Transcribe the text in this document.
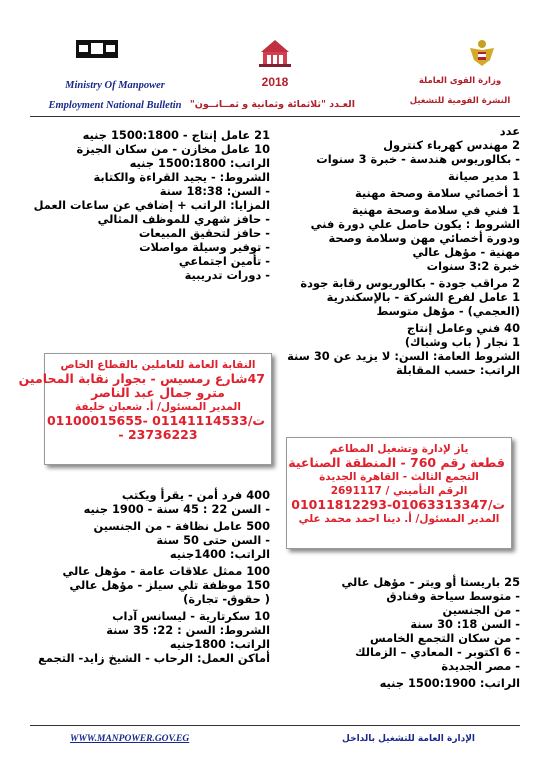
Ministry Of Manpower
Employment National Bulletin
2018
العـدد "ثلاثمائة وثمانية و ثمــانــون"
وزارة القوى العاملة
النشرة القومية للتشغيل
عدد
2 مهندس كهرباء كنترول
- بكالوريوس هندسة - خبرة 3 سنوات
1 مدير صيانة
1 أخصائي سلامة وصحة مهنية
1 فني في سلامة وصحة مهنية
الشروط : يكون حاصل علي دورة فني
ودورة أخصائي مهن وسلامة وصحة
مهنية - مؤهل عالي
خبرة 3:2 سنوات
2 مراقب جودة - بكالوريوس رقابة جودة
1 عامل لفرع الشركة - بالإسكندرية
(العجمي) - مؤهل متوسط
40 فني وعامل إنتاج
1 نجار ( باب وشباك)
الشروط العامة: السن: لا يزيد عن 30 سنة
الراتب: حسب المقابلة
21 عامل إنتاج - 1500:1800 جنيه
10 عامل مخازن - من سكان الجيزة
الراتب: 1500:1800 جنيه
الشروط: - يجيد القراءة والكتابة
- السن: 18:38 سنة
المزايا: الراتب + إضافي عن ساعات العمل
- حافز شهري للموظف المثالي
- حافز لتحقيق المبيعات
- توفير وسيلة مواصلات
- تأمين اجتماعي
- دورات تدريبية
النقابة العامة للعاملين بالقطاع الخاص
47شارع رمسيس - بجوار نقابة المحامين
مترو جمال عبد الناصر
المدير المسئول/ أ. شعبان خليفة
ت/01141114533 -01100015655
23736223 -
ياز لإدارة وتشغيل المطاعم
قطعة رقم 760 - المنطقة الصناعية
التجمع الثالث - القاهرة الجديدة
الرقم التأميني / 2691117
ت/01063313347-01011812293
المدير المسئول/ أ. دينا احمد محمد علي
400 فرد أمن - يقرأ ويكتب
- السن 22 : 45 سنة - 1900 جنيه
500 عامل نظافة - من الجنسين
- السن حتى 50 سنة
الراتب: 1400جنيه
100 ممثل علاقات عامة - مؤهل عالي
150 موظفة تلي سيلز - مؤهل عالي
( حقوق- تجارة)
10 سكرتارية - ليسانس آداب
الشروط: السن : 22: 35 سنة
الراتب: 1800جنيه
أماكن العمل: الرحاب - الشيخ زايد- التجمع
25 باريستا أو ويتر - مؤهل عالي
- متوسط سياحة وفنادق
- من الجنسين
- السن 18: 30 سنة
- من سكان التجمع الخامس
- 6 اكتوبر - المعادي – الزمالك
- مصر الجديدة
الراتب: 1500:1900 جنيه
WWW.MANPOWER.GOV.EG	الإدارة العامة للتشغيل بالداخل
